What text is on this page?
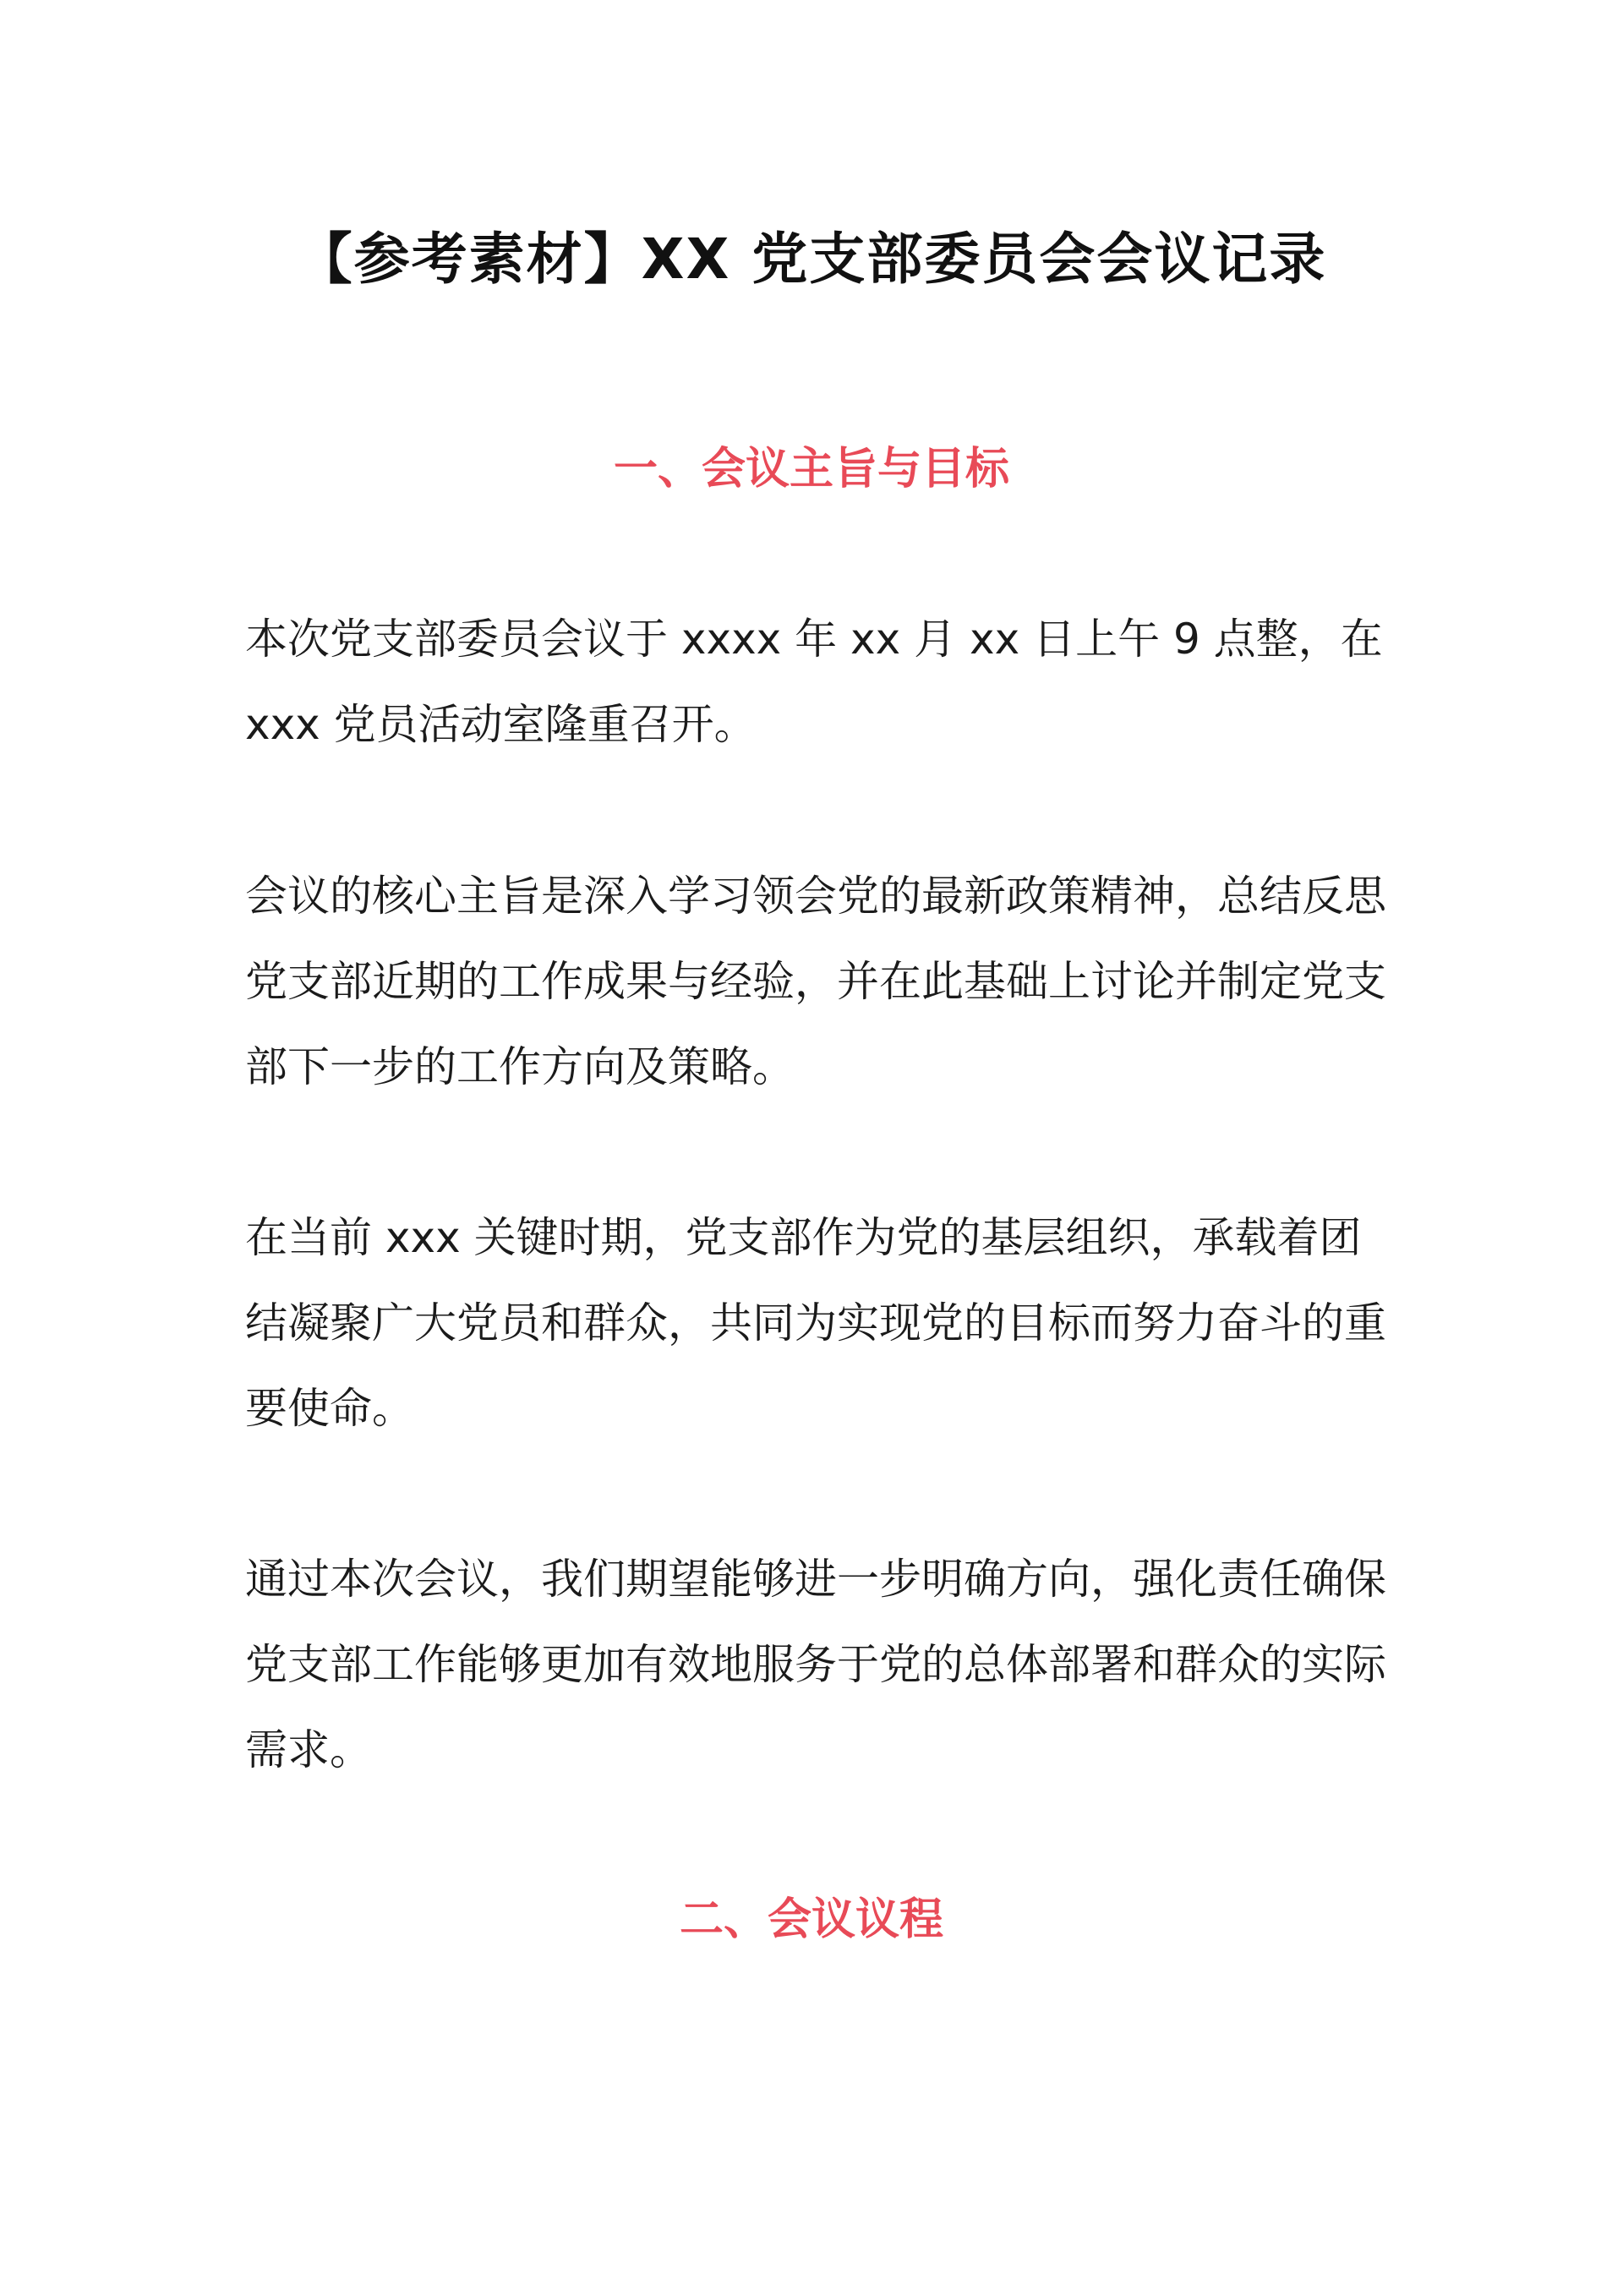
【参考素材】XX 党支部委员会会议记录
一、会议主旨与目标

本次党支部委员会议于 xxxx 年 xx 月 xx 日上午 9 点整，在 xxx 党员活动室隆重召开。

会议的核心主旨是深入学习领会党的最新政策精神，总结反思党支部近期的工作成果与经验，并在此基础上讨论并制定党支部下一步的工作方向及策略。

在当前 xxx 关键时期，党支部作为党的基层组织，承载着团结凝聚广大党员和群众，共同为实现党的目标而努力奋斗的重要使命。

通过本次会议，我们期望能够进一步明确方向，强化责任确保党支部工作能够更加有效地服务于党的总体部署和群众的实际需求。

二、会议议程
